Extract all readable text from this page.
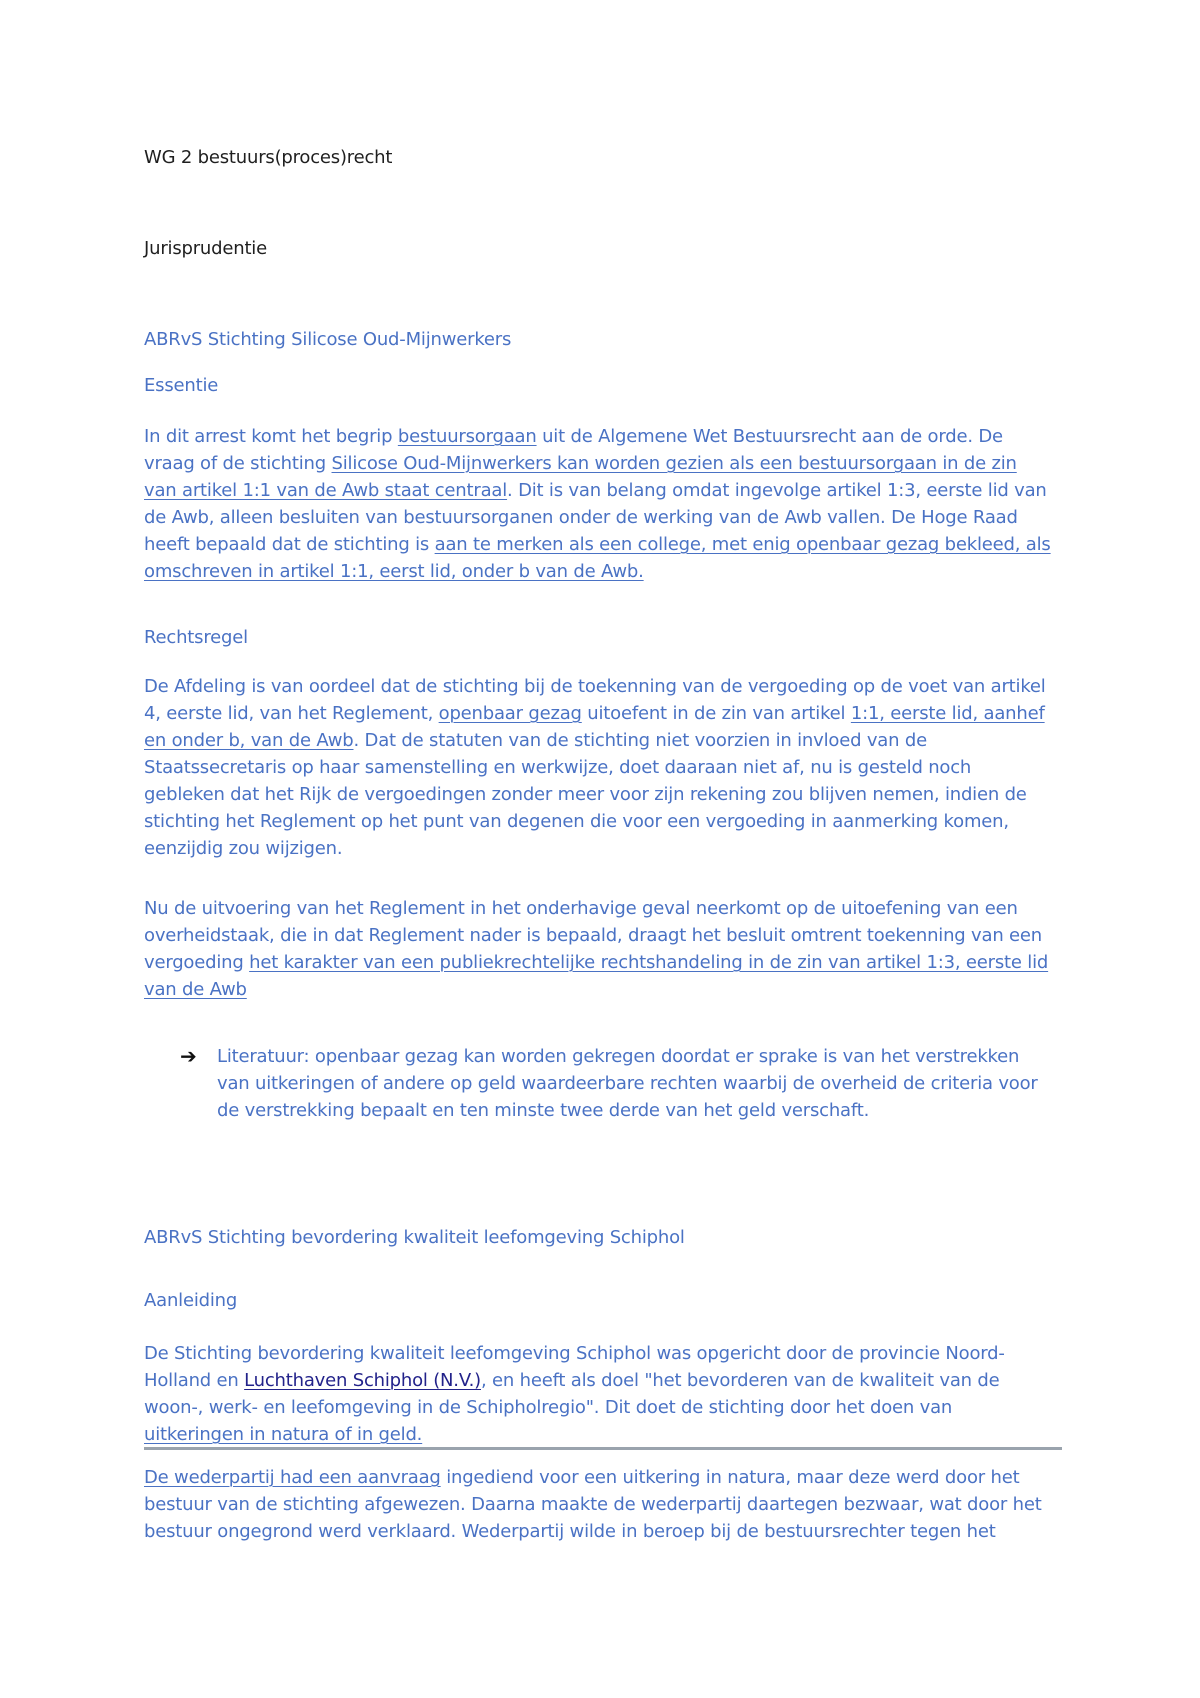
WG 2 bestuurs(proces)recht
Jurisprudentie
ABRvS Stichting Silicose Oud-Mijnwerkers
Essentie
In dit arrest komt het begrip bestuursorgaan uit de Algemene Wet Bestuursrecht aan de orde. De
vraag of de stichting Silicose Oud-Mijnwerkers kan worden gezien als een bestuursorgaan in de zin
van artikel 1:1 van de Awb staat centraal. Dit is van belang omdat ingevolge artikel 1:3, eerste lid van
de Awb, alleen besluiten van bestuursorganen onder de werking van de Awb vallen. De Hoge Raad
heeft bepaald dat de stichting is aan te merken als een college, met enig openbaar gezag bekleed, als
omschreven in artikel 1:1, eerst lid, onder b van de Awb.
Rechtsregel
De Afdeling is van oordeel dat de stichting bij de toekenning van de vergoeding op de voet van artikel
4, eerste lid, van het Reglement, openbaar gezag uitoefent in de zin van artikel 1:1, eerste lid, aanhef
en onder b, van de Awb. Dat de statuten van de stichting niet voorzien in invloed van de
Staatssecretaris op haar samenstelling en werkwijze, doet daaraan niet af, nu is gesteld noch
gebleken dat het Rijk de vergoedingen zonder meer voor zijn rekening zou blijven nemen, indien de
stichting het Reglement op het punt van degenen die voor een vergoeding in aanmerking komen,
eenzijdig zou wijzigen.
Nu de uitvoering van het Reglement in het onderhavige geval neerkomt op de uitoefening van een
overheidstaak, die in dat Reglement nader is bepaald, draagt het besluit omtrent toekenning van een
vergoeding het karakter van een publiekrechtelijke rechtshandeling in de zin van artikel 1:3, eerste lid
van de Awb
➔ Literatuur: openbaar gezag kan worden gekregen doordat er sprake is van het verstrekken
van uitkeringen of andere op geld waardeerbare rechten waarbij de overheid de criteria voor
de verstrekking bepaalt en ten minste twee derde van het geld verschaft.
ABRvS Stichting bevordering kwaliteit leefomgeving Schiphol
Aanleiding
De Stichting bevordering kwaliteit leefomgeving Schiphol was opgericht door de provincie Noord-
Holland en Luchthaven Schiphol (N.V.), en heeft als doel "het bevorderen van de kwaliteit van de
woon-, werk- en leefomgeving in de Schipholregio". Dit doet de stichting door het doen van
uitkeringen in natura of in geld.
De wederpartij had een aanvraag ingediend voor een uitkering in natura, maar deze werd door het
bestuur van de stichting afgewezen. Daarna maakte de wederpartij daartegen bezwaar, wat door het
bestuur ongegrond werd verklaard. Wederpartij wilde in beroep bij de bestuursrechter tegen het
